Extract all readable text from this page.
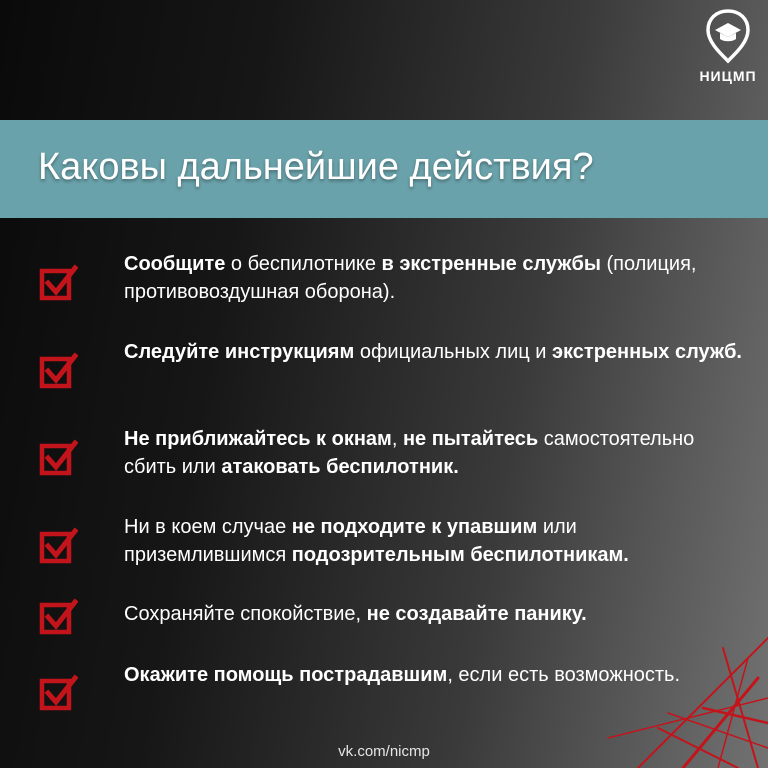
НИЦМП
Каковы дальнейшие действия?

Сообщите о беспилотнике в экстренные службы (полиция, противовоздушная оборона).

Следуйте инструкциям официальных лиц и экстренных служб.

Не приближайтесь к окнам, не пытайтесь самостоятельно сбить или атаковать беспилотник.

Ни в коем случае не подходите к упавшим или приземлившимся подозрительным беспилотникам.

Сохраняйте спокойствие, не создавайте панику.

Окажите помощь пострадавшим, если есть возможность.

vk.com/nicmp
